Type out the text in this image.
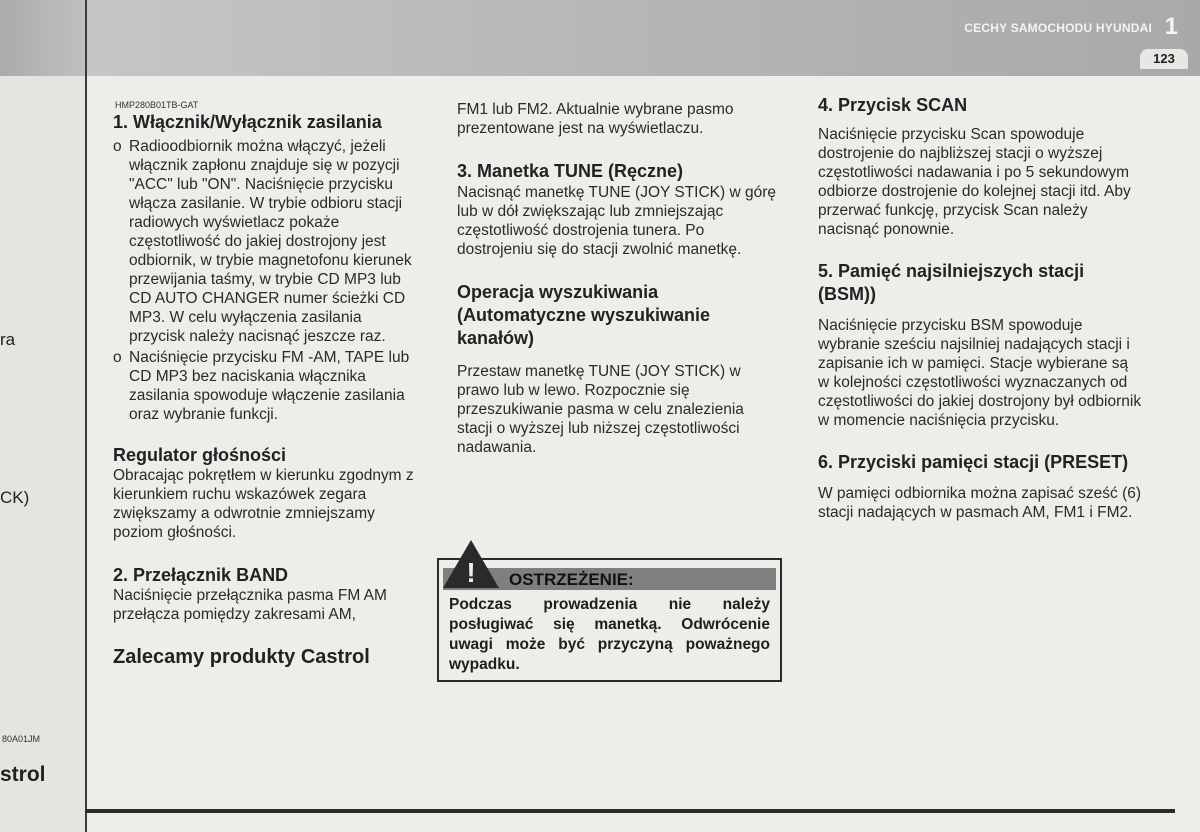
CECHY SAMOCHODU HYUNDAI 1
123
ra
CK)
80A01JM
strol
HMP280B01TB-GAT
1. Włącznik/Wyłącznik zasilania
o Radioodbiornik można włączyć, jeżeli włącznik zapłonu znajduje się w pozycji "ACC" lub "ON". Naciśnięcie przycisku włącza zasilanie. W trybie odbioru stacji radiowych wyświetlacz pokaże częstotliwość do jakiej dostrojony jest odbiornik, w trybie magnetofonu kierunek przewijania taśmy, w trybie CD MP3 lub CD AUTO CHANGER numer ścieżki CD MP3. W celu wyłączenia zasilania przycisk należy nacisnąć jeszcze raz.
o Naciśnięcie przycisku FM -AM, TAPE lub CD MP3 bez naciskania włącznika zasilania spowoduje włączenie zasilania oraz wybranie funkcji.
Regulator głośności

Obracając pokrętłem w kierunku zgodnym z kierunkiem ruchu wskazówek zegara zwiększamy a odwrotnie zmniejszamy poziom głośności.

2. Przełącznik BAND

Naciśnięcie przełącznika pasma FM AM przełącza pomiędzy zakresami AM,

Zalecamy produkty Castrol

FM1 lub FM2. Aktualnie wybrane pasmo prezentowane jest na wyświetlaczu.

3. Manetka TUNE (Ręczne)

Nacisnąć manetkę TUNE (JOY STICK) w górę lub w dół zwiększając lub zmniejszając częstotliwość dostrojenia tunera. Po dostrojeniu się do stacji zwolnić manetkę.

Operacja wyszukiwania (Automatyczne wyszukiwanie kanałów)

Przestaw manetkę TUNE (JOY STICK) w prawo lub w lewo. Rozpocznie się przeszukiwanie pasma w celu znalezienia stacji o wyższej lub niższej częstotliwości nadawania.

! OSTRZEŻENIE:
Podczas prowadzenia nie należy posługiwać się manetką. Odwrócenie uwagi może być przyczyną poważnego wypadku.
4. Przycisk SCAN

Naciśnięcie przycisku Scan spowoduje dostrojenie do najbliższej stacji o wyższej częstotliwości nadawania i po 5 sekundowym odbiorze dostrojenie do kolejnej stacji itd. Aby przerwać funkcję, przycisk Scan należy nacisnąć ponownie.

5. Pamięć najsilniejszych stacji (BSM))

Naciśnięcie przycisku BSM spowoduje wybranie sześciu najsilniej nadających stacji i zapisanie ich w pamięci. Stacje wybierane są w kolejności częstotliwości wyznaczanych od częstotliwości do jakiej dostrojony był odbiornik w momencie naciśnięcia przycisku.

6. Przyciski pamięci stacji (PRESET)

W pamięci odbiornika można zapisać sześć (6) stacji nadających w pasmach AM, FM1 i FM2.
